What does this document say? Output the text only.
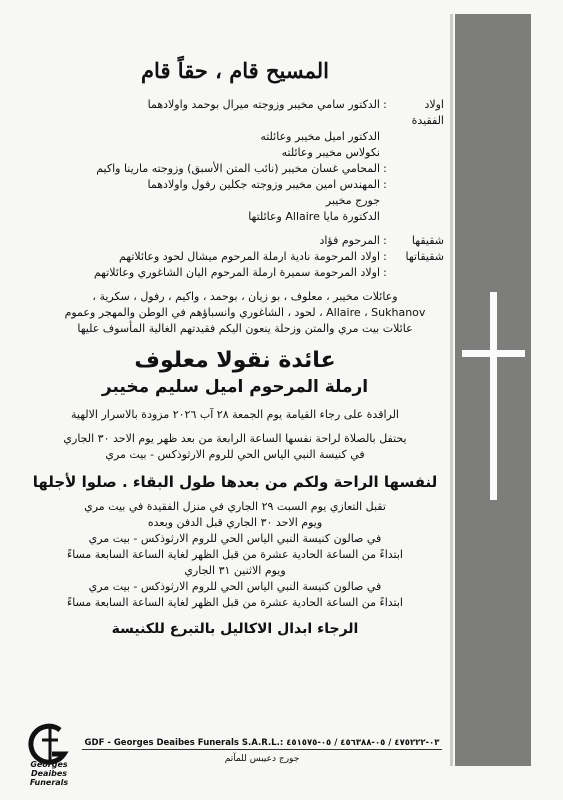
المسيح قام ، حقاً قام
اولاد الفقيدة
:
الدكتور سامي مخيبر وزوجته ميرال بوحمد واولادهما
الدكتور اميل مخيبر وعائلته
نكولاس مخيبر وعائلته
:
المحامي غسان مخيبر (نائب المتن الأسبق) وزوجته مارينا واكيم
:
المهندس امين مخيبر وزوجته جكلين رفول واولادهما
جورج مخيبر
الدكتورة مايا Allaire وعائلتها
شقيقها
:
المرحوم فؤاد
شقيقاتها
:
اولاد المرحومة نادية ارملة المرحوم ميشال لحود وعائلاتهم
:
اولاد المرحومة سميرة ارملة المرحوم اليان الشاغوري وعائلاتهم
وعائلات مخيبر ، معلوف ، بو زيان ، بوحمد ، واكيم ، رفول ، سكرية ،
Allaire ، Sukhanov ، لحود ، الشاغوري وانسباؤهم في الوطن والمهجر وعموم
عائلات بيت مري والمتن وزحلة ينعون اليكم فقيدتهم الغالية المأسوف عليها
عائدة نقولا معلوف
ارملة المرحوم اميل سليم مخيبر
الراقدة على رجاء القيامة يوم الجمعة ٢٨ آب ٢٠٢٦ مزودة بالاسرار الالهية
يحتفل بالصلاة لراحة نفسها الساعة الرابعة من بعد ظهر يوم الاحد ٣٠ الجاري
في كنيسة النبي الياس الحي للروم الارثوذكس - بيت مري
لنفسها الراحة ولكم من بعدها طول البقاء . صلوا لأجلها
تقبل التعازي يوم السبت ٢٩ الجاري في منزل الفقيدة في بيت مري
ويوم الاحد ٣٠ الجاري قبل الدفن وبعده
في صالون كنيسة النبي الياس الحي للروم الارثوذكس - بيت مري
ابتداءً من الساعة الحادية عشرة من قبل الظهر لغاية الساعة السابعة مساءً
ويوم الاثنين ٣١ الجاري
في صالون كنيسة النبي الياس الحي للروم الارثوذكس - بيت مري
ابتداءً من الساعة الحادية عشرة من قبل الظهر لغاية الساعة السابعة مساءً
الرجاء ابدال الاكاليل بالتبرع للكنيسة
Georges Deaibes
Funerals
GDF - Georges Deaibes Funerals S.A.R.L.: ٠٣-٤٧٥٢٢٢ / ٠٥-٤٥٦٣٨٨ / ٠٥-٤٥١٥٧٥
جورج دعيبس للمآتم
